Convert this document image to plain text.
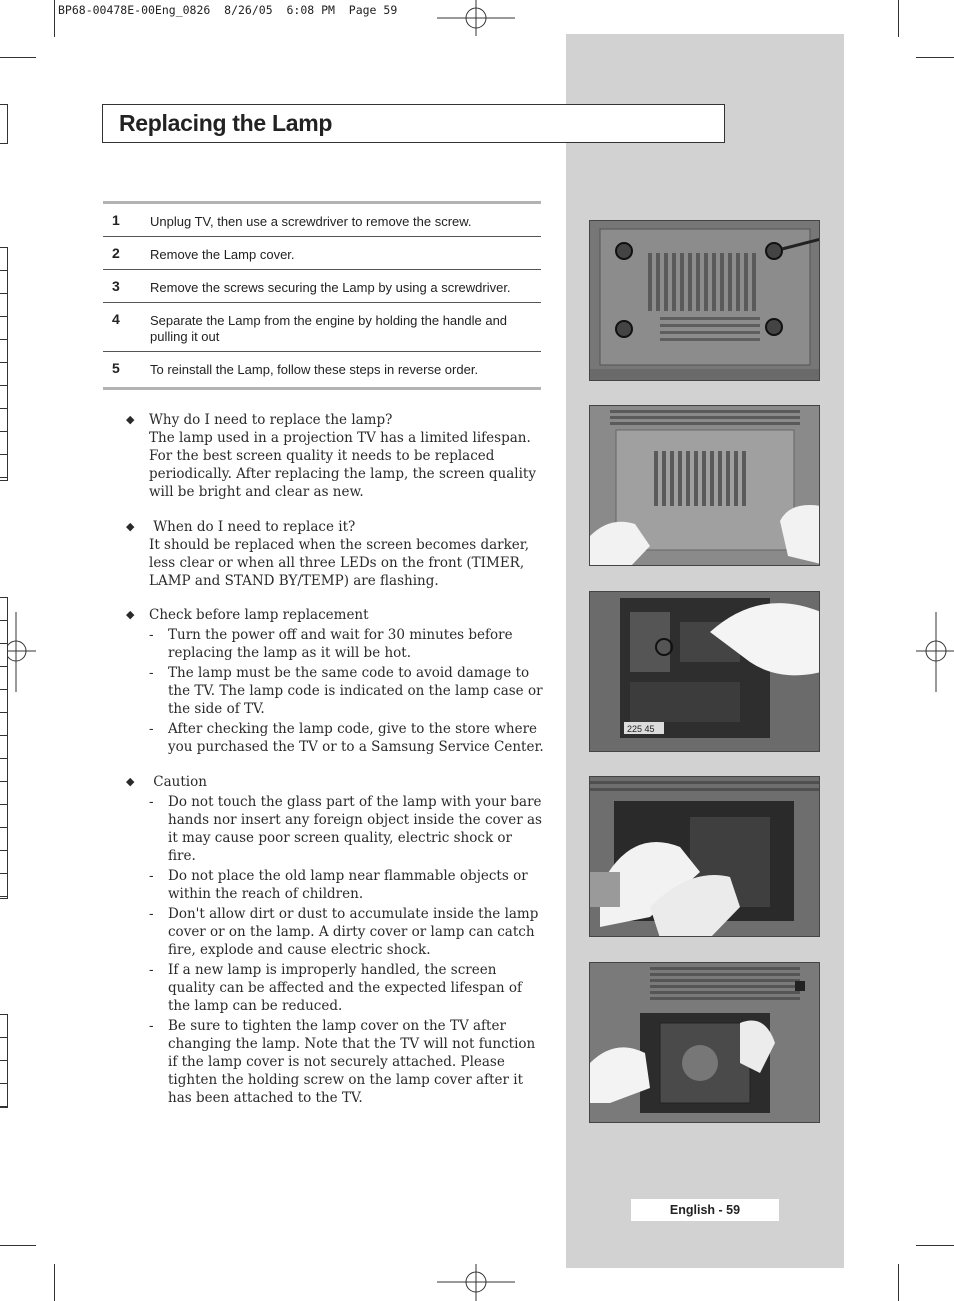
BP68-00478E-00Eng_0826  8/26/05  6:08 PM  Page 59
Replacing the Lamp
1	Unplug TV, then use a screwdriver to remove the screw.
2	Remove the Lamp cover.
3	Remove the screws securing the Lamp by using a screwdriver.
4	Separate the Lamp from the engine by holding the handle and pulling it out
5	To reinstall the Lamp, follow these steps in reverse order.
◆ Why do I need to replace the lamp?
The lamp used in a projection TV has a limited lifespan. For the best screen quality it needs to be replaced periodically. After replacing the lamp, the screen quality will be bright and clear as new.
◆ When do I need to replace it?
It should be replaced when the screen becomes darker, less clear or when all three LEDs on the front (TIMER, LAMP and STAND BY/TEMP) are flashing.
◆ Check before lamp replacement
- Turn the power off and wait for 30 minutes before replacing the lamp as it will be hot.
- The lamp must be the same code to avoid damage to the TV. The lamp code is indicated on the lamp case or the side of TV.
- After checking the lamp code, give to the store where you purchased the TV or to a Samsung Service Center.
◆ Caution
- Do not touch the glass part of the lamp with your bare hands nor insert any foreign object inside the cover as it may cause poor screen quality, electric shock or fire.
- Do not place the old lamp near flammable objects or within the reach of children.
- Don't allow dirt or dust to accumulate inside the lamp cover or on the lamp. A dirty cover or lamp can catch fire, explode and cause electric shock.
- If a new lamp is improperly handled, the screen quality can be affected and the expected lifespan of the lamp can be reduced.
- Be sure to tighten the lamp cover on the TV after changing the lamp. Note that the TV will not function if the lamp cover is not securely attached. Please tighten the holding screw on the lamp cover after it has been attached to the TV.
225 45
English - 59
